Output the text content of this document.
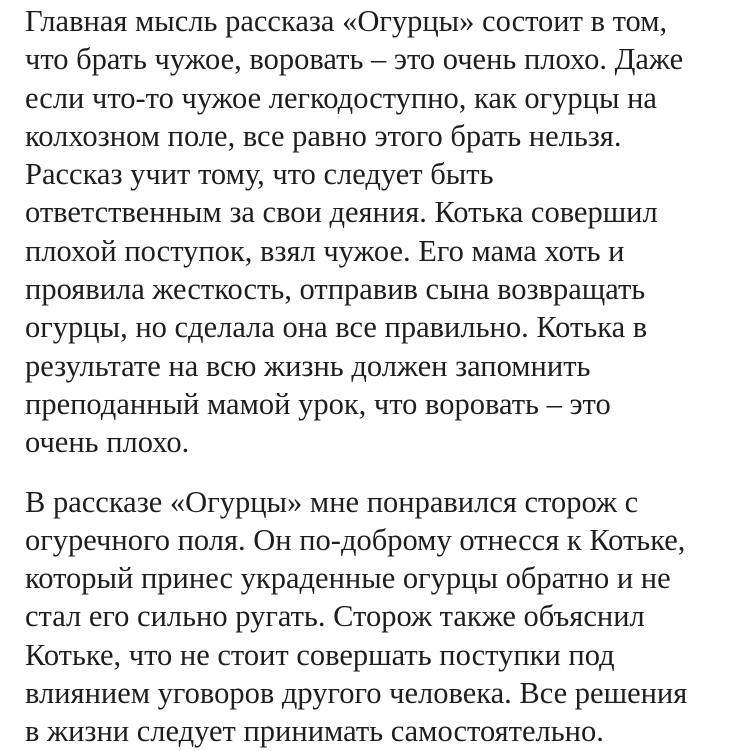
Главная мысль рассказа «Огурцы» состоит в том,
что брать чужое, воровать – это очень плохо. Даже
если что-то чужое легкодоступно, как огурцы на
колхозном поле, все равно этого брать нельзя.
Рассказ учит тому, что следует быть
ответственным за свои деяния. Котька совершил
плохой поступок, взял чужое. Его мама хоть и
проявила жесткость, отправив сына возвращать
огурцы, но сделала она все правильно. Котька в
результате на всю жизнь должен запомнить
преподанный мамой урок, что воровать – это
очень плохо.

В рассказе «Огурцы» мне понравился сторож с
огуречного поля. Он по-доброму отнесся к Котьке,
который принес украденные огурцы обратно и не
стал его сильно ругать. Сторож также объяснил
Котьке, что не стоит совершать поступки под
влиянием уговоров другого человека. Все решения
в жизни следует принимать самостоятельно.
